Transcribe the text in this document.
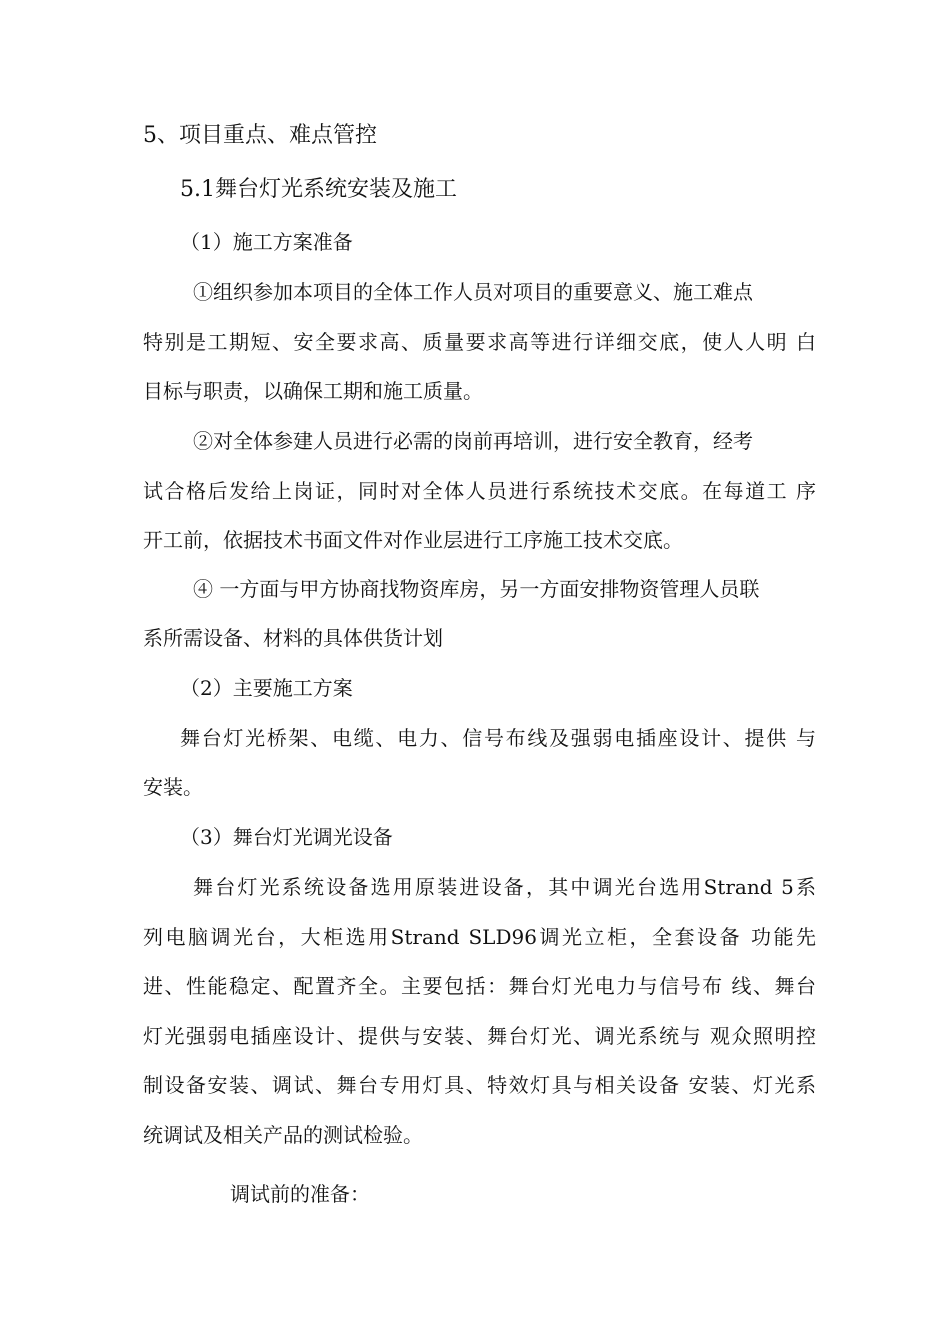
5、项目重点、难点管控

5.1舞台灯光系统安装及施工

（1）施工方案准备

①组织参加本项目的全体工作人员对项目的重要意义、施工难点

特别是工期短、安全要求高、质量要求高等进行详细交底，使人人明 白

目标与职责，以确保工期和施工质量。

②对全体参建人员进行必需的岗前再培训，进行安全教育，经考

试合格后发给上岗证，同时对全体人员进行系统技术交底。在每道工 序

开工前，依据技术书面文件对作业层进行工序施工技术交底。

④ 一方面与甲方协商找物资库房，另一方面安排物资管理人员联

系所需设备、材料的具体供货计划

（2）主要施工方案

舞台灯光桥架、电缆、电力、信号布线及强弱电插座设计、提供 与

安装。

（3）舞台灯光调光设备

舞台灯光系统设备选用原装进设备，其中调光台选用Strand 5系

列电脑调光台，大柜选用Strand SLD96调光立柜，全套设备 功能先

进、性能稳定、配置齐全。主要包括：舞台灯光电力与信号布 线、舞台

灯光强弱电插座设计、提供与安装、舞台灯光、调光系统与 观众照明控

制设备安装、调试、舞台专用灯具、特效灯具与相关设备 安装、灯光系

统调试及相关产品的测试检验。

调试前的准备：
